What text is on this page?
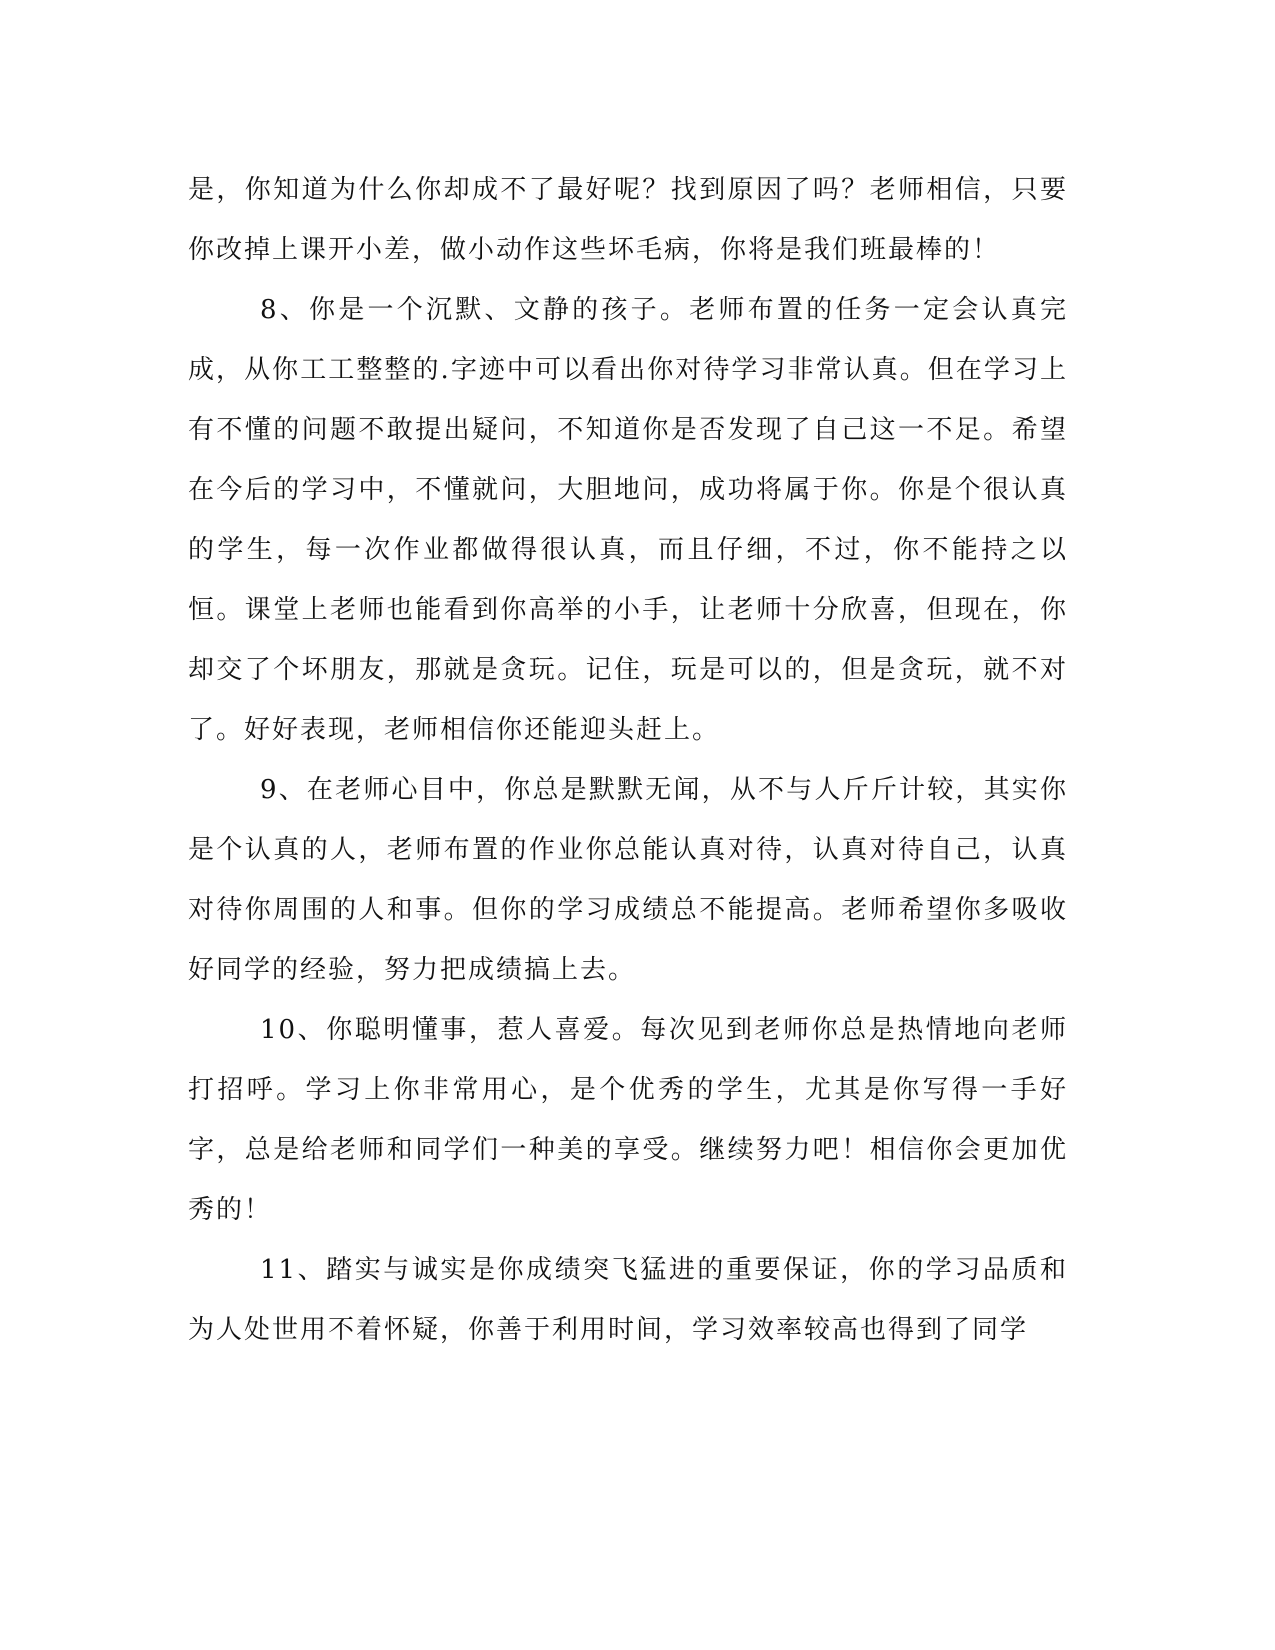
是，你知道为什么你却成不了最好呢？找到原因了吗？老师相信，只要你改掉上课开小差，做小动作这些坏毛病，你将是我们班最棒的！

8、你是一个沉默、文静的孩子。老师布置的任务一定会认真完成，从你工工整整的.字迹中可以看出你对待学习非常认真。但在学习上有不懂的问题不敢提出疑问，不知道你是否发现了自己这一不足。希望在今后的学习中，不懂就问，大胆地问，成功将属于你。你是个很认真的学生，每一次作业都做得很认真，而且仔细，不过，你不能持之以恒。课堂上老师也能看到你高举的小手，让老师十分欣喜，但现在，你却交了个坏朋友，那就是贪玩。记住，玩是可以的，但是贪玩，就不对了。好好表现，老师相信你还能迎头赶上。

9、在老师心目中，你总是默默无闻，从不与人斤斤计较，其实你是个认真的人，老师布置的作业你总能认真对待，认真对待自己，认真对待你周围的人和事。但你的学习成绩总不能提高。老师希望你多吸收好同学的经验，努力把成绩搞上去。

10、你聪明懂事，惹人喜爱。每次见到老师你总是热情地向老师打招呼。学习上你非常用心，是个优秀的学生，尤其是你写得一手好字，总是给老师和同学们一种美的享受。继续努力吧！相信你会更加优秀的！

11、踏实与诚实是你成绩突飞猛进的重要保证，你的学习品质和为人处世用不着怀疑，你善于利用时间，学习效率较高也得到了同学
